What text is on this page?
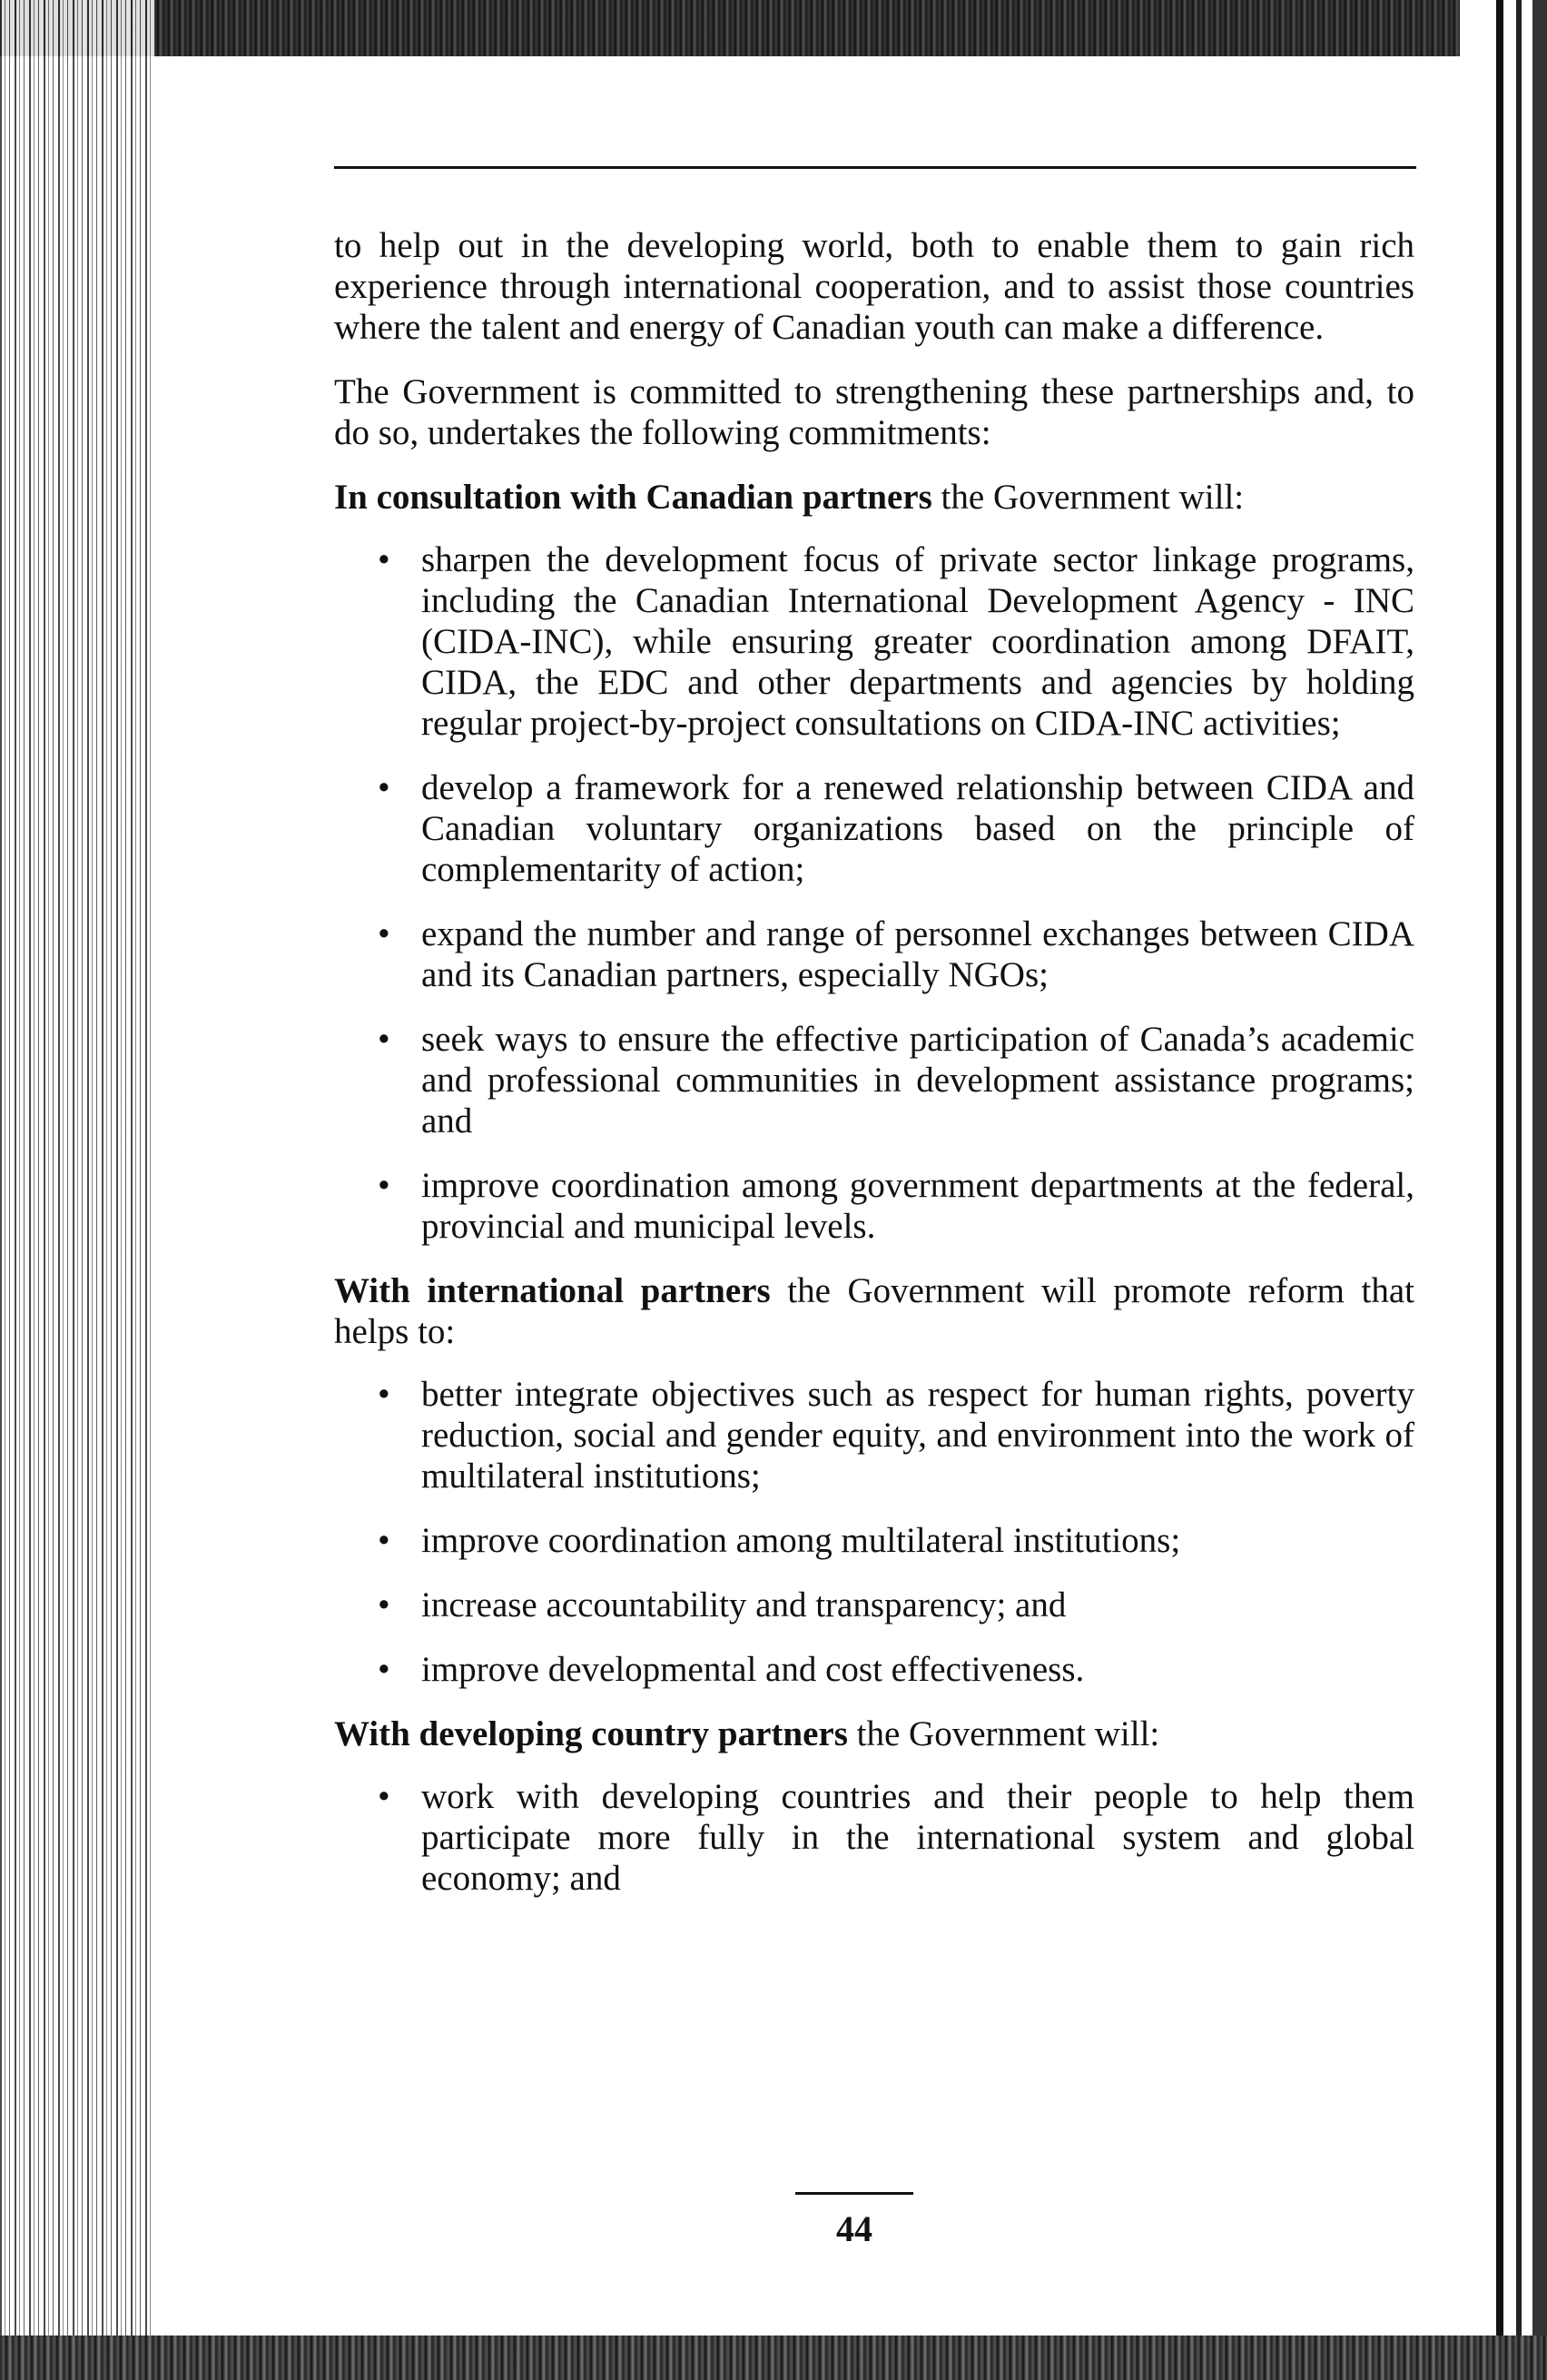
to help out in the developing world, both to enable them to gain rich experience through international cooperation, and to assist those countries where the talent and energy of Canadian youth can make a difference.

The Government is committed to strengthening these partnerships and, to do so, undertakes the following commitments:

In consultation with Canadian partners the Government will:

• sharpen the development focus of private sector linkage programs, including the Canadian International Development Agency - INC (CIDA-INC), while ensuring greater coordination among DFAIT, CIDA, the EDC and other departments and agencies by holding regular project-by-project consultations on CIDA-INC activities;
• develop a framework for a renewed relationship between CIDA and Canadian voluntary organizations based on the principle of complementarity of action;
• expand the number and range of personnel exchanges between CIDA and its Canadian partners, especially NGOs;
• seek ways to ensure the effective participation of Canada’s academic and professional communities in development assistance programs; and
• improve coordination among government departments at the federal, provincial and municipal levels.

With international partners the Government will promote reform that helps to:

• better integrate objectives such as respect for human rights, poverty reduction, social and gender equity, and environment into the work of multilateral institutions;
• improve coordination among multilateral institutions;
• increase accountability and transparency; and
• improve developmental and cost effectiveness.

With developing country partners the Government will:

• work with developing countries and their people to help them participate more fully in the international system and global economy; and
44
